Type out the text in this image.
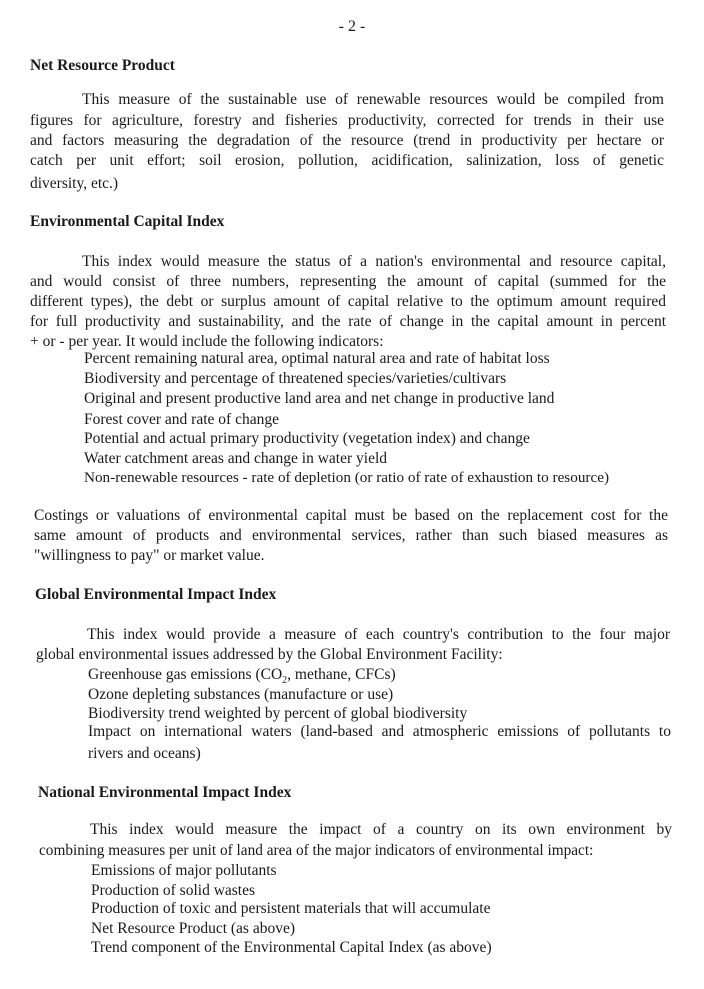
- 2 -
Net Resource Product

This measure of the sustainable use of renewable resources would be compiled from

figures for agriculture, forestry and fisheries productivity, corrected for trends in their use

and factors measuring the degradation of the resource (trend in productivity per hectare or

catch per unit effort; soil erosion, pollution, acidification, salinization, loss of genetic

diversity, etc.)

Environmental Capital Index

This index would measure the status of a nation's environmental and resource capital,

and would consist of three numbers, representing the amount of capital (summed for the

different types), the debt or surplus amount of capital relative to the optimum amount required

for full productivity and sustainability, and the rate of change in the capital amount in percent

+ or - per year. It would include the following indicators:

Percent remaining natural area, optimal natural area and rate of habitat loss

Biodiversity and percentage of threatened species/varieties/cultivars

Original and present productive land area and net change in productive land

Forest cover and rate of change

Potential and actual primary productivity (vegetation index) and change

Water catchment areas and change in water yield

Non-renewable resources - rate of depletion (or ratio of rate of exhaustion to resource)

Costings or valuations of environmental capital must be based on the replacement cost for the

same amount of products and environmental services, rather than such biased measures as

"willingness to pay" or market value.

Global Environmental Impact Index

This index would provide a measure of each country's contribution to the four major

global environmental issues addressed by the Global Environment Facility:

Greenhouse gas emissions ($CO_2$, methane, CFCs)

Ozone depleting substances (manufacture or use)

Biodiversity trend weighted by percent of global biodiversity

Impact on international waters (land-based and atmospheric emissions of pollutants to

rivers and oceans)

National Environmental Impact Index

This index would measure the impact of a country on its own environment by

combining measures per unit of land area of the major indicators of environmental impact:

Emissions of major pollutants

Production of solid wastes

Production of toxic and persistent materials that will accumulate

Net Resource Product (as above)

Trend component of the Environmental Capital Index (as above)
